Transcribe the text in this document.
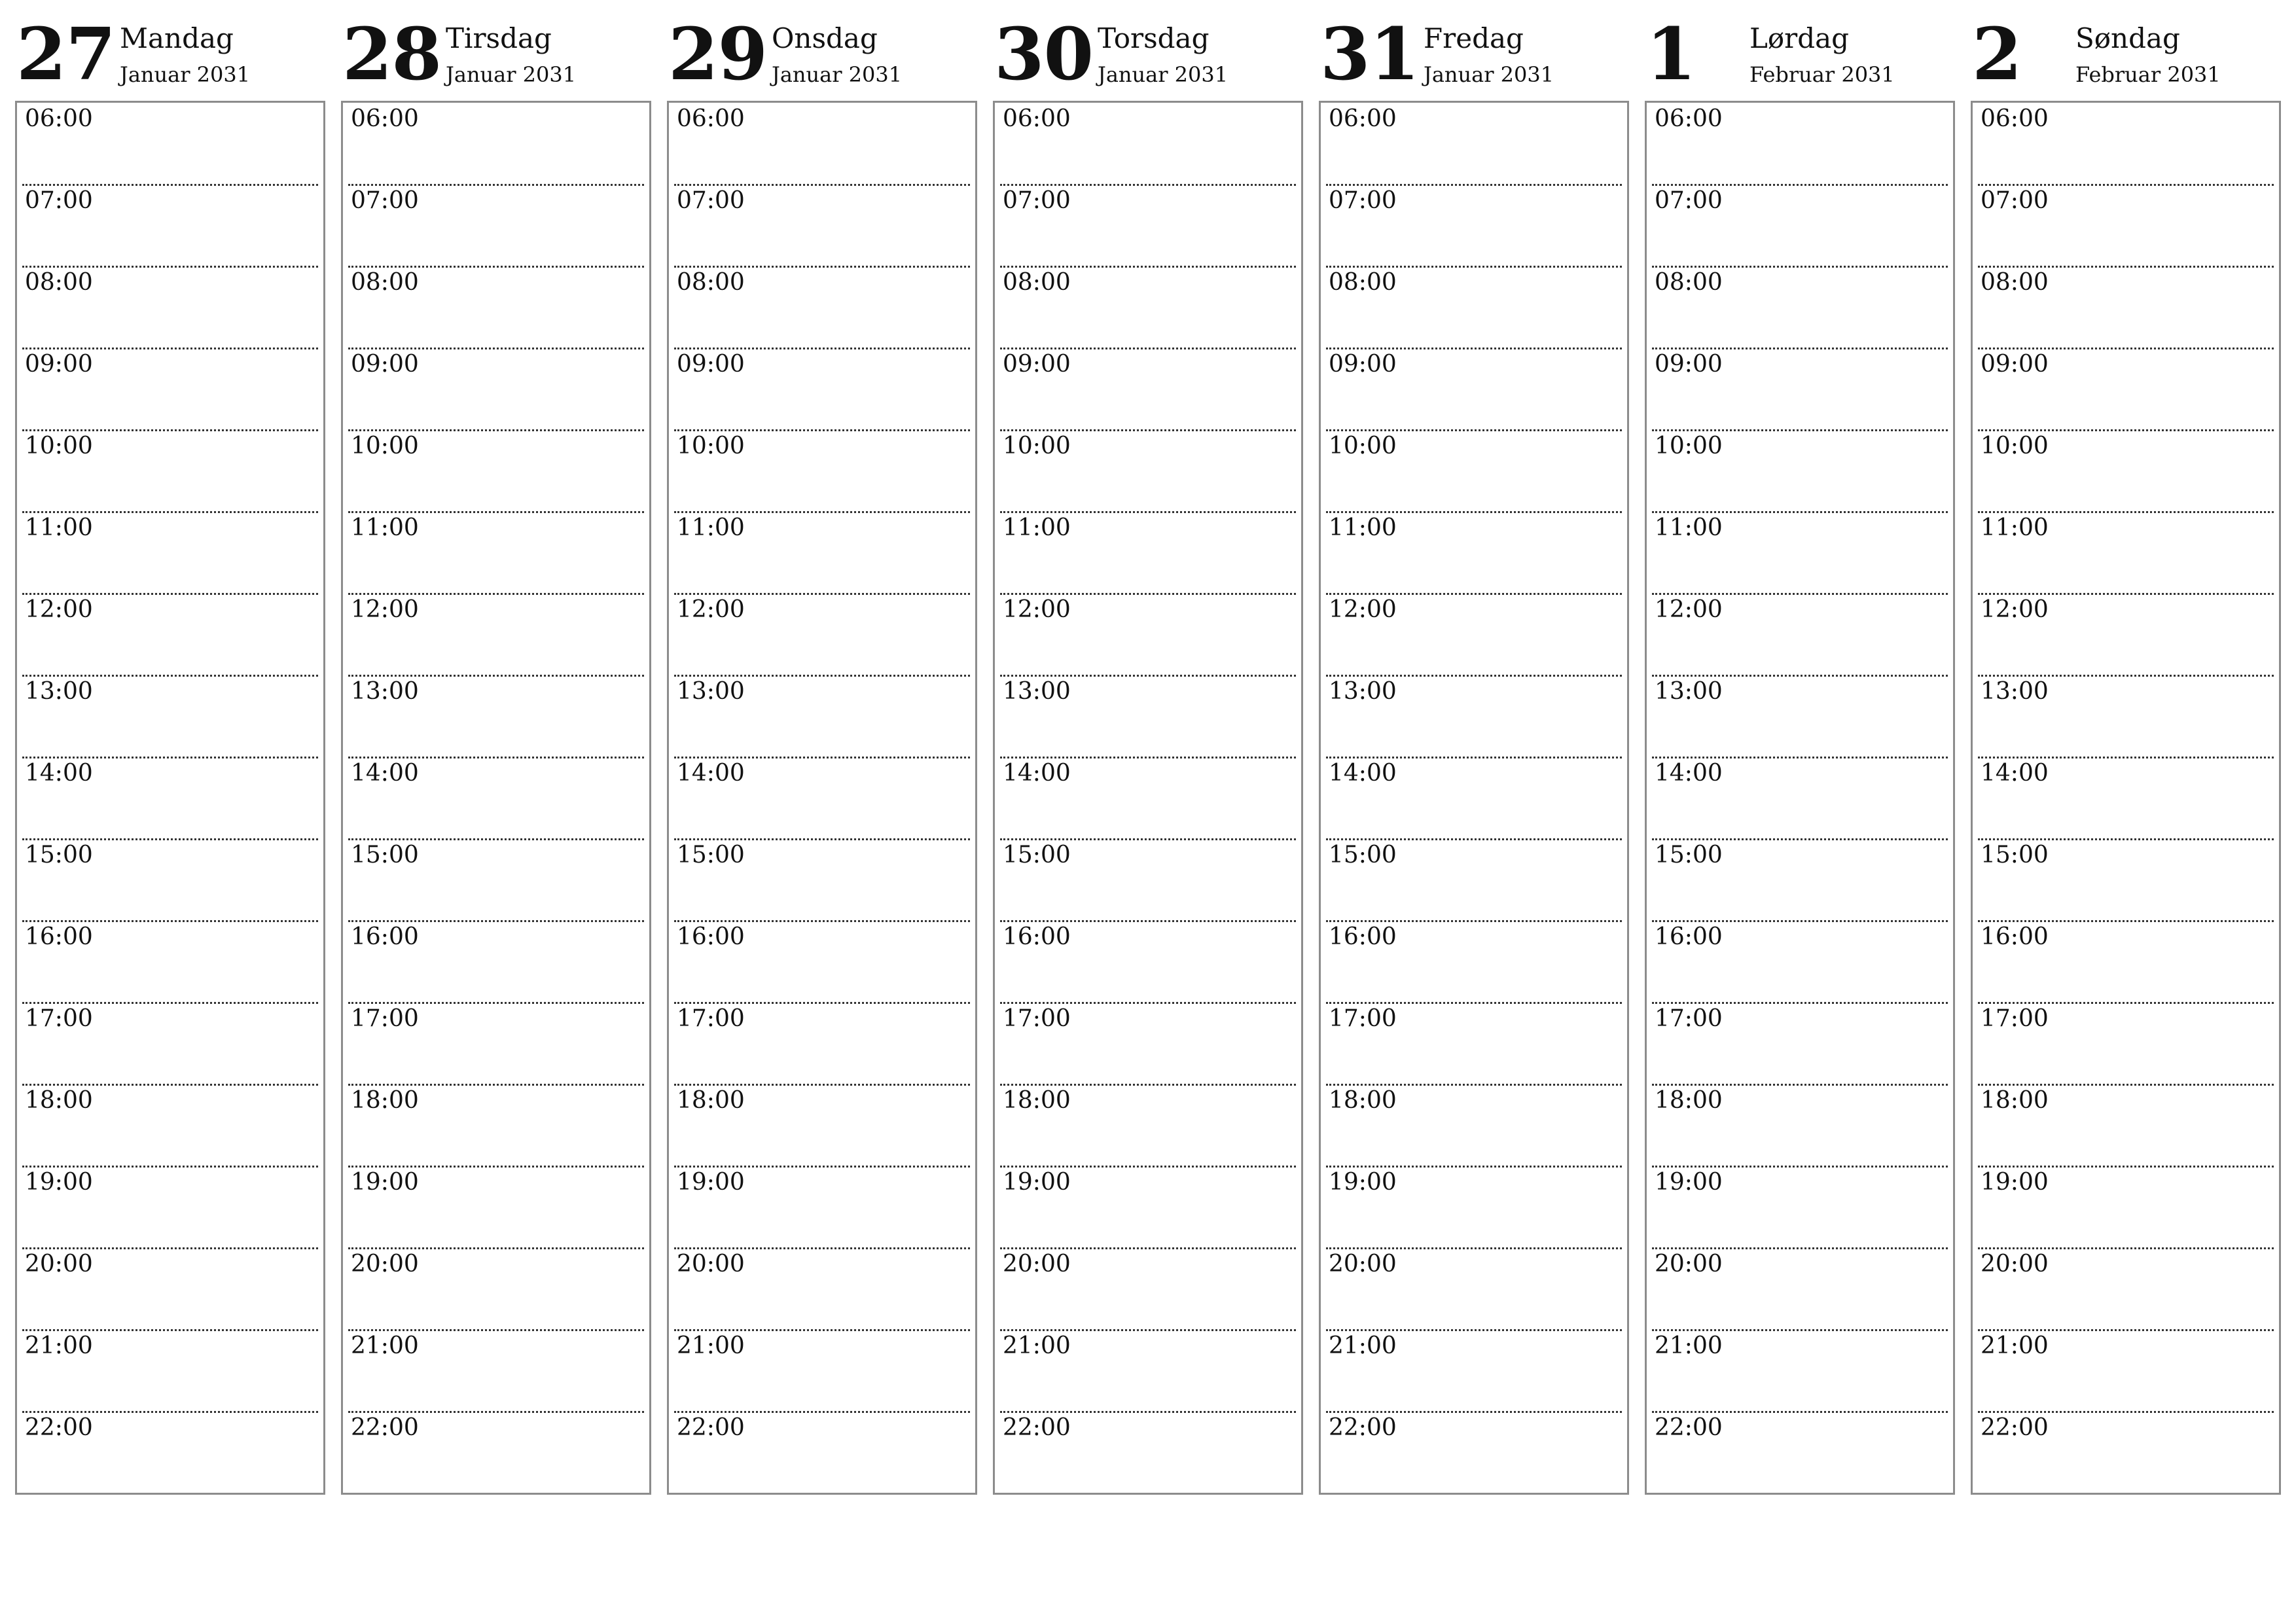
27 Mandag
Januar 2031
06:00
07:00
08:00
09:00
10:00
11:00
12:00
13:00
14:00
15:00
16:00
17:00
18:00
19:00
20:00
21:00
22:00
28 Tirsdag
Januar 2031
06:00
07:00
08:00
09:00
10:00
11:00
12:00
13:00
14:00
15:00
16:00
17:00
18:00
19:00
20:00
21:00
22:00
29 Onsdag
Januar 2031
06:00
07:00
08:00
09:00
10:00
11:00
12:00
13:00
14:00
15:00
16:00
17:00
18:00
19:00
20:00
21:00
22:00
30 Torsdag
Januar 2031
06:00
07:00
08:00
09:00
10:00
11:00
12:00
13:00
14:00
15:00
16:00
17:00
18:00
19:00
20:00
21:00
22:00
31 Fredag
Januar 2031
06:00
07:00
08:00
09:00
10:00
11:00
12:00
13:00
14:00
15:00
16:00
17:00
18:00
19:00
20:00
21:00
22:00
1 Lørdag
Februar 2031
06:00
07:00
08:00
09:00
10:00
11:00
12:00
13:00
14:00
15:00
16:00
17:00
18:00
19:00
20:00
21:00
22:00
2 Søndag
Februar 2031
06:00
07:00
08:00
09:00
10:00
11:00
12:00
13:00
14:00
15:00
16:00
17:00
18:00
19:00
20:00
21:00
22:00
